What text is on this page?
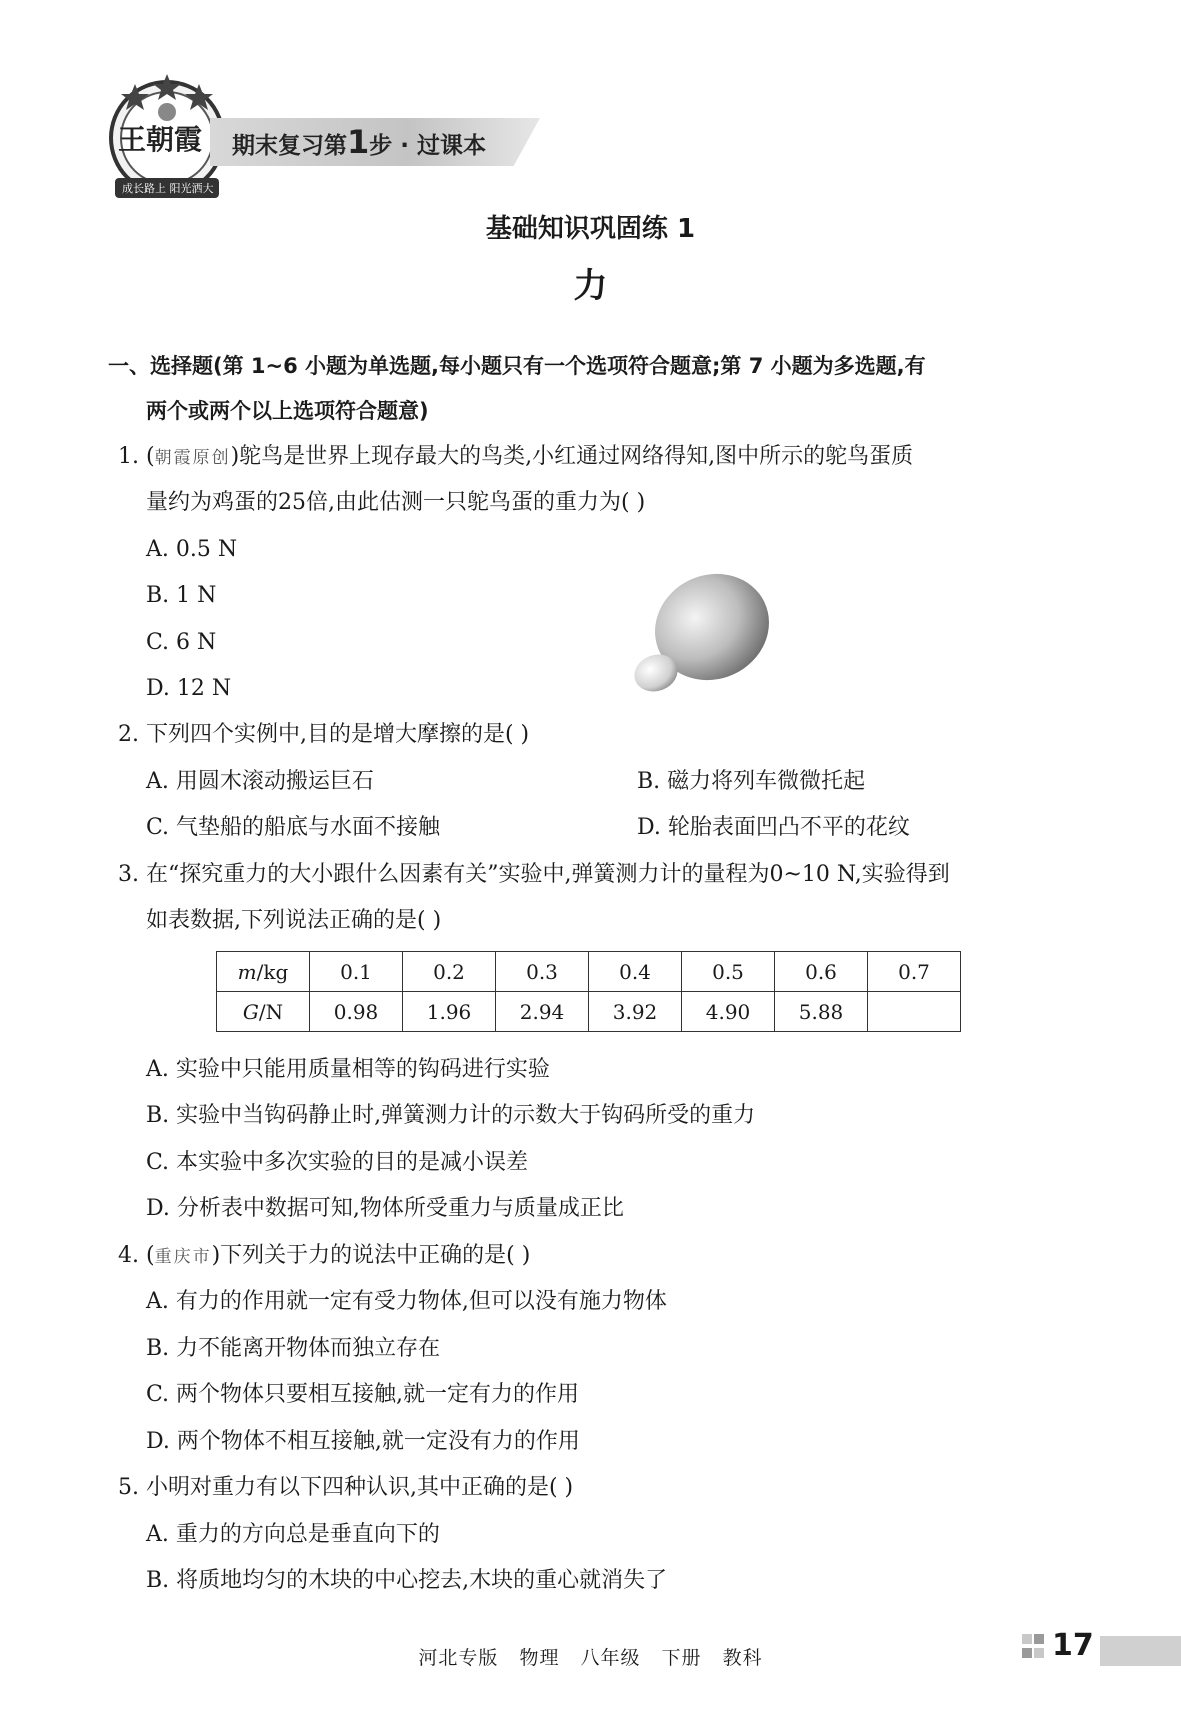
王朝霞
成长路上 阳光洒大
期末复习第1步 · 过课本
基础知识巩固练 1
力
一、选择题(第 1~6 小题为单选题,每小题只有一个选项符合题意;第 7 小题为多选题,有
两个或两个以上选项符合题意)
1. (朝霞原创)鸵鸟是世界上现存最大的鸟类,小红通过网络得知,图中所示的鸵鸟蛋质
量约为鸡蛋的25倍,由此估测一只鸵鸟蛋的重力为( )
A. 0.5 N
B. 1 N
C. 6 N
D. 12 N
2. 下列四个实例中,目的是增大摩擦的是( )
A. 用圆木滚动搬运巨石	B. 磁力将列车微微托起
C. 气垫船的船底与水面不接触	D. 轮胎表面凹凸不平的花纹
3. 在“探究重力的大小跟什么因素有关”实验中,弹簧测力计的量程为0~10 N,实验得到
如表数据,下列说法正确的是( )
m/kg	0.1	0.2	0.3	0.4	0.5	0.6	0.7
G/N	0.98	1.96	2.94	3.92	4.90	5.88	
A. 实验中只能用质量相等的钩码进行实验
B. 实验中当钩码静止时,弹簧测力计的示数大于钩码所受的重力
C. 本实验中多次实验的目的是减小误差
D. 分析表中数据可知,物体所受重力与质量成正比
4. (重庆市)下列关于力的说法中正确的是( )
A. 有力的作用就一定有受力物体,但可以没有施力物体
B. 力不能离开物体而独立存在
C. 两个物体只要相互接触,就一定有力的作用
D. 两个物体不相互接触,就一定没有力的作用
5. 小明对重力有以下四种认识,其中正确的是( )
A. 重力的方向总是垂直向下的
B. 将质地均匀的木块的中心挖去,木块的重心就消失了
河北专版 物理 八年级 下册 教科	17
